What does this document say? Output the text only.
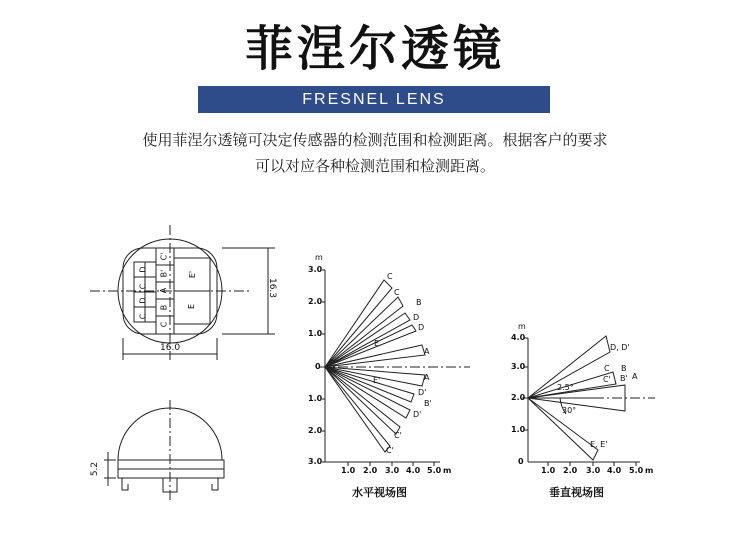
菲涅尔透镜
FRESNEL LENS
使用菲涅尔透镜可决定传感器的检测范围和检测距离。根据客户的要求
可以对应各种检测范围和检测距离。
16.0
16.3
5.2
D
C
D
C
C'
B'
A
B
C
E'
E
m
3.0
2.0
1.0
0
1.0
2.0
3.0
1.0 2.0 3.0 4.0 5.0 m
C
C
B
D
D
E
A
A
E'
D'
B'
D'
C'
C'
水平视场图
m
4.0
3.0
2.0
1.0
0
1.0 2.0 3.0 4.0 5.0 m
2.5°
30°
D, D'
C
C'
B
B' A
E, E'
垂直视场图
